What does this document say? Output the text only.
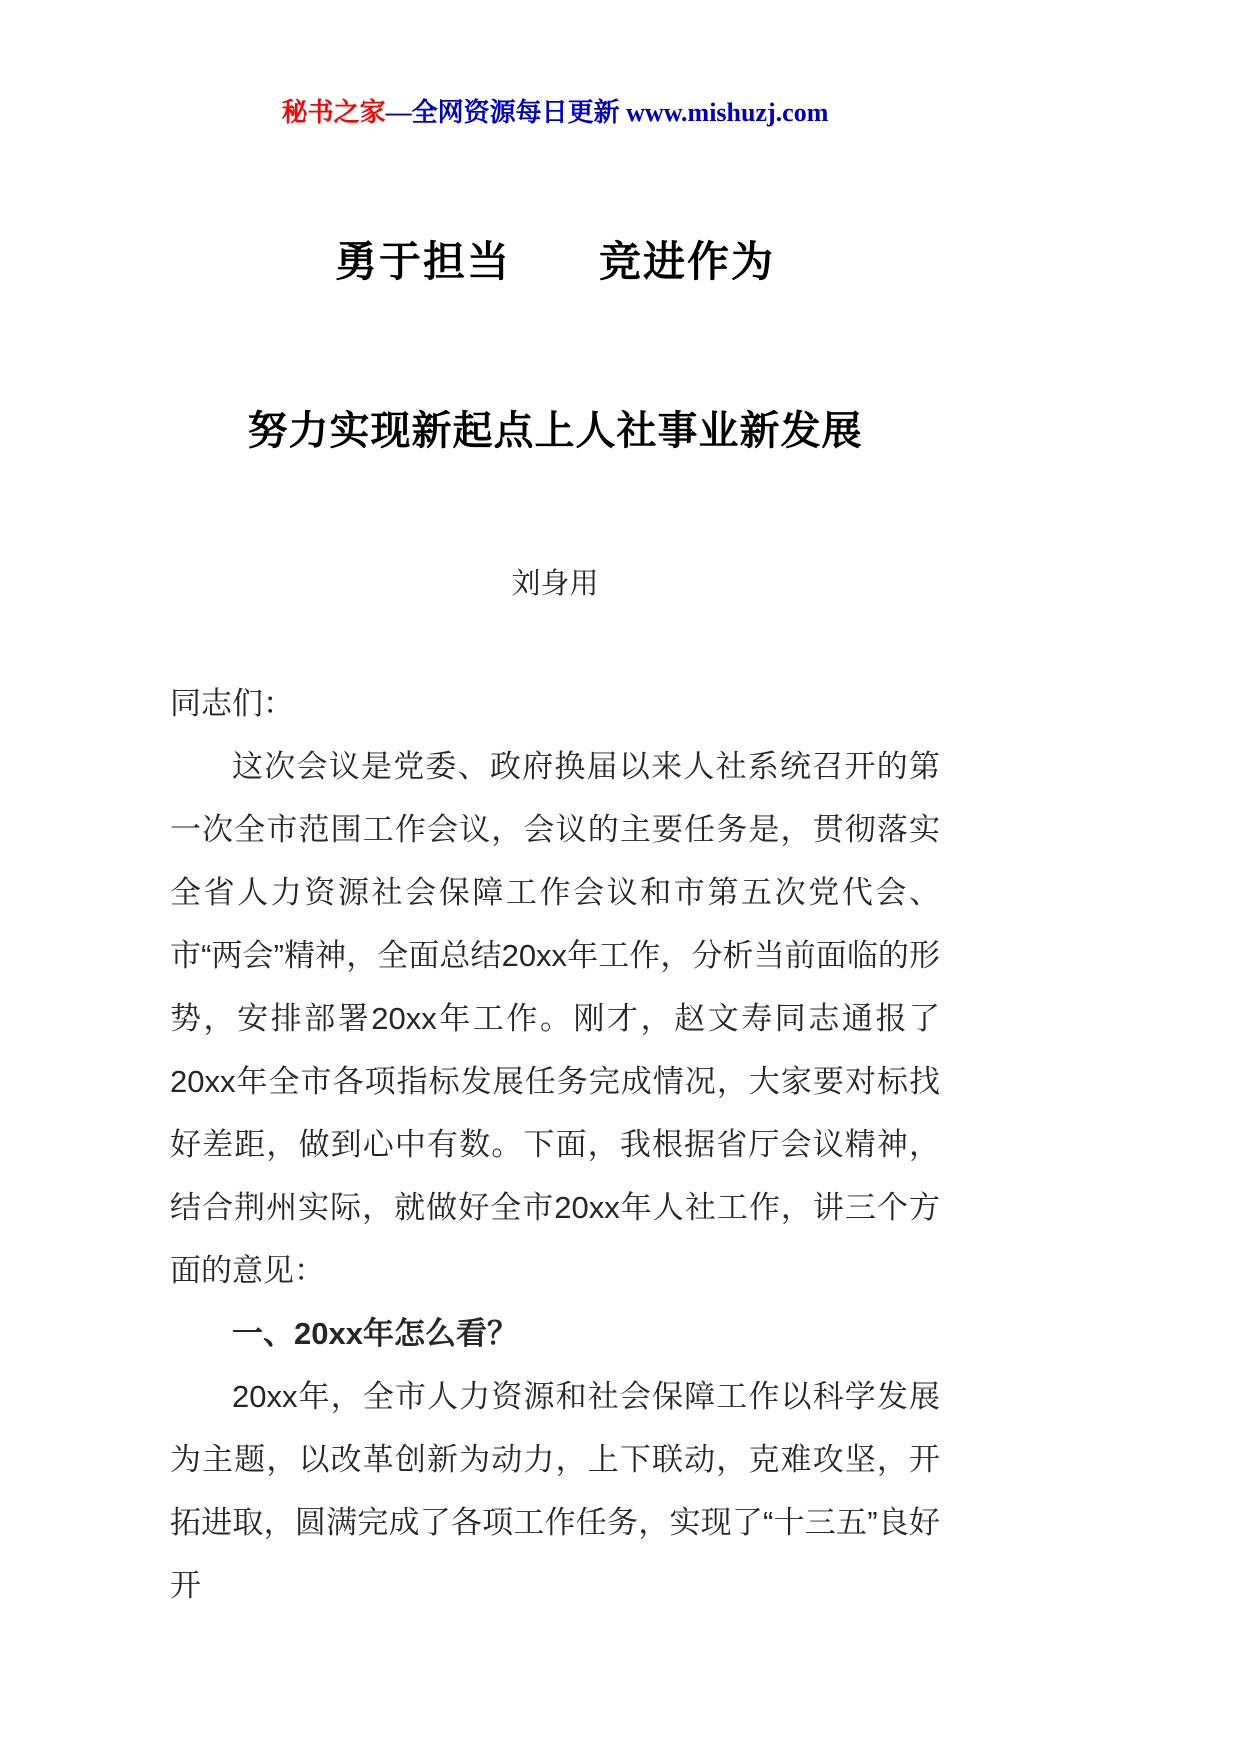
秘书之家—全网资源每日更新 www.mishuzj.com
勇于担当　　竞进作为
努力实现新起点上人社事业新发展
刘身用

同志们：

这次会议是党委、政府换届以来人社系统召开的第一次全市范围工作会议，会议的主要任务是，贯彻落实全省人力资源社会保障工作会议和市第五次党代会、市“两会”精神，全面总结20xx年工作，分析当前面临的形势，安排部署20xx年工作。刚才，赵文寿同志通报了20xx年全市各项指标发展任务完成情况，大家要对标找好差距，做到心中有数。下面，我根据省厅会议精神，结合荆州实际，就做好全市20xx年人社工作，讲三个方面的意见：

一、20xx年怎么看？

20xx年，全市人力资源和社会保障工作以科学发展为主题，以改革创新为动力，上下联动，克难攻坚，开拓进取，圆满完成了各项工作任务，实现了“十三五”良好开
